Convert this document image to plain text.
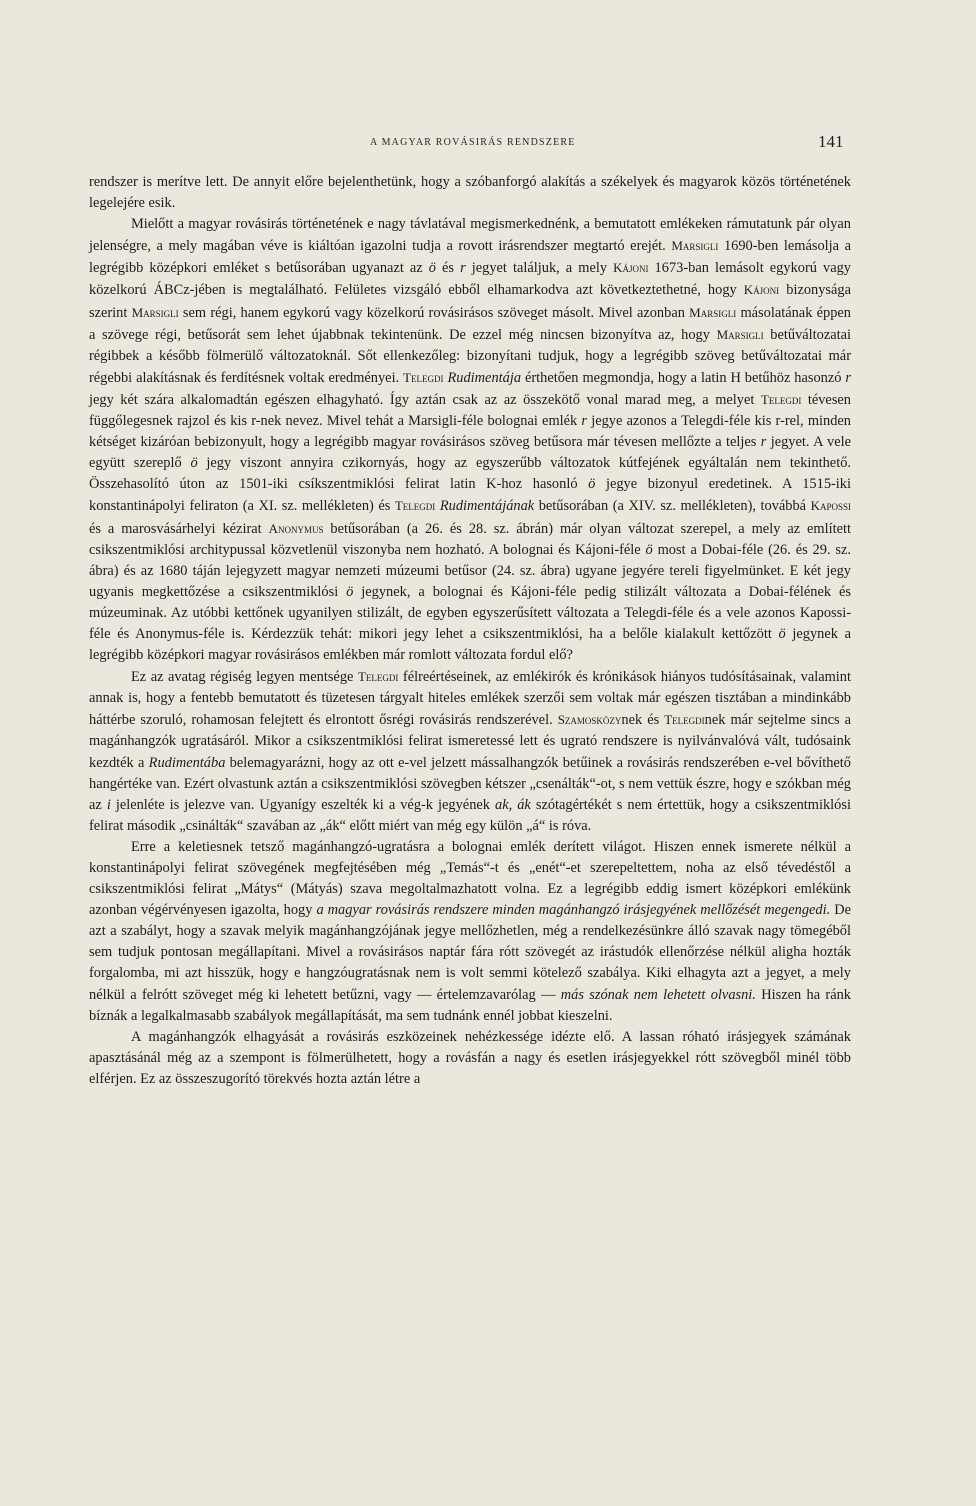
A MAGYAR ROVÁSIRÁS RENDSZERE	141

rendszer is merítve lett. De annyit előre bejelenthetünk, hogy a szóbanforgó alakítás a székelyek és magyarok közös történetének legelejére esik.

Mielőtt a magyar rovásirás történetének e nagy távlatával megismerkednénk, a bemutatott emlékeken rámutatunk pár olyan jelenségre, a mely magában véve is kiáltóan igazolni tudja a rovott irásrendszer megtartó erejét. Marsigli 1690-ben lemásolja a legrégibb középkori emléket s betűsorában ugyanazt az ö és r jegyet találjuk, a mely Kájoni 1673-ban lemásolt egykorú vagy közelkorú ÁBCz-jében is megtalálható. Felületes vizsgáló ebből elhamarkodva azt következtethetné, hogy Kájoni bizonysága szerint Marsigli sem régi, hanem egykorú vagy közelkorú rovásirásos szöveget másolt. Mivel azonban Marsigli másolatának éppen a szövege régi, betűsorát sem lehet újabbnak tekintenünk. De ezzel még nincsen bizonyítva az, hogy Marsigli betűváltozatai régibbek a később fölmerülő változatoknál. Sőt ellenkezőleg: bizonyítani tudjuk, hogy a legrégibb szöveg betűváltozatai már régebbi alakításnak és ferdítésnek voltak eredményei. Telegdi Rudimentája érthetően megmondja, hogy a latin H betűhöz hasonzó r jegy két szára alkalomadtán egészen elhagyható. Így aztán csak az az összekötő vonal marad meg, a melyet Telegdi tévesen függőlegesnek rajzol és kis r-nek nevez. Mivel tehát a Marsigli-féle bolognai emlék r jegye azonos a Telegdi-féle kis r-rel, minden kétséget kizáróan bebizonyult, hogy a legrégibb magyar rovásirásos szöveg betűsora már tévesen mellőzte a teljes r jegyet. A vele együtt szereplő ö jegy viszont annyira czikornyás, hogy az egyszerűbb változatok kútfejének egyáltalán nem tekinthető. Összehasolító úton az 1501-iki csíkszentmiklósi felirat latin K-hoz hasonló ö jegye bizonyul eredetinek. A 1515-iki konstantinápolyi feliraton (a XI. sz. mellékleten) és Telegdi Rudimentájának betűsorában (a XIV. sz. mellékleten), továbbá Kapossi és a marosvásárhelyi kézirat Anonymus betűsorában (a 26. és 28. sz. ábrán) már olyan változat szerepel, a mely az említett csikszentmiklósi architypussal közvetlenül viszonyba nem hozható. A bolognai és Kájoni-féle ö most a Dobai-féle (26. és 29. sz. ábra) és az 1680 táján lejegyzett magyar nemzeti múzeumi betűsor (24. sz. ábra) ugyane jegyére tereli figyelmünket. E két jegy ugyanis megkettőzése a csikszentmiklósi ö jegynek, a bolognai és Kájoni-féle pedig stilizált változata a Dobai-félének és múzeuminak. Az utóbbi kettőnek ugyanilyen stilizált, de egyben egyszerűsített változata a Telegdi-féle és a vele azonos Kapossi-féle és Anonymus-féle is. Kérdezzük tehát: mikori jegy lehet a csikszentmiklósi, ha a belőle kialakult kettőzött ö jegynek a legrégibb középkori magyar rovásirásos emlékben már romlott változata fordul elő?

Ez az avatag régiség legyen mentsége Telegdi félreértéseinek, az emlékirók és krónikások hiányos tudósításainak, valamint annak is, hogy a fentebb bemutatott és tüzetesen tárgyalt hiteles emlékek szerzői sem voltak már egészen tisztában a mindinkább háttérbe szoruló, rohamosan felejtett és elrontott ősrégi rovásirás rendszerével. Szamosközynek és Telegdinek már sejtelme sincs a magánhangzók ugratásáról. Mikor a csikszentmiklósi felirat ismeretessé lett és ugrató rendszere is nyilvánvalóvá vált, tudósaink kezdték a Rudimentába belemagyarázni, hogy az ott e-vel jelzett mássalhangzók betűinek a rovásirás rendszerében e-vel bővíthető hangértéke van. Ezért olvastunk aztán a csikszentmiklósi szövegben kétszer „csenálták“-ot, s nem vettük észre, hogy e szókban még az i jelenléte is jelezve van. Ugyanígy eszelték ki a vég-k jegyének ak, ák szótagértékét s nem értettük, hogy a csikszentmiklósi felirat második „csinálták“ szavában az „ák“ előtt miért van még egy külön „á“ is róva.

Erre a keletiesnek tetsző magánhangzó-ugratásra a bolognai emlék derített világot. Hiszen ennek ismerete nélkül a konstantinápolyi felirat szövegének megfejtésében még „Temás“-t és „enét“-et szerepeltettem, noha az első tévedéstől a csikszentmiklósi felirat „Mátys“ (Mátyás) szava megoltalmazhatott volna. Ez a legrégibb eddig ismert középkori emlékünk azonban végérvényesen igazolta, hogy a magyar rovásirás rendszere minden magánhangzó irásjegyének mellőzését megengedi. De azt a szabályt, hogy a szavak melyik magánhangzójának jegye mellőzhetlen, még a rendelkezésünkre álló szavak nagy tömegéből sem tudjuk pontosan megállapítani. Mivel a rovásirásos naptár fára rótt szövegét az irástudók ellenőrzése nélkül aligha hozták forgalomba, mi azt hisszük, hogy e hangzóugratásnak nem is volt semmi kötelező szabálya. Kiki elhagyta azt a jegyet, a mely nélkül a felrótt szöveget még ki lehetett betűzni, vagy — értelemzavarólag — más szónak nem lehetett olvasni. Hiszen ha ránk bíznák a legalkalmasabb szabályok megállapítását, ma sem tudnánk ennél jobbat kieszelni.

A magánhangzók elhagyását a rovásirás eszközeinek nehézkessége idézte elő. A lassan róható irásjegyek számának apasztásánál még az a szempont is fölmerülhetett, hogy a rovásfán a nagy és esetlen irásjegyekkel rótt szövegből minél több elférjen. Ez az összeszugorító törekvés hozta aztán létre a
